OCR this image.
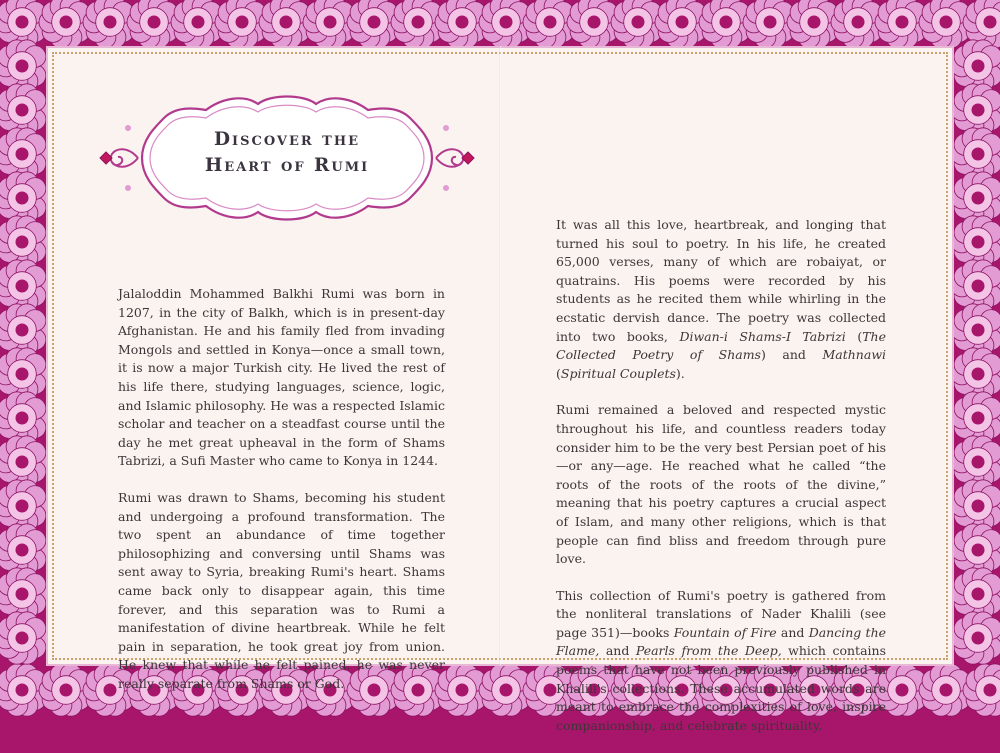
Discover the
Heart of Rumi

Jalaloddin Mohammed Balkhi Rumi was born in 1207, in the city of Balkh, which is in present-day Afghanistan. He and his family fled from invading Mongols and settled in Konya—once a small town, it is now a major Turkish city. He lived the rest of his life there, studying languages, science, logic, and Islamic philosophy. He was a respected Islamic scholar and teacher on a steadfast course until the day he met great upheaval in the form of Shams Tabrizi, a Sufi Master who came to Konya in 1244.

Rumi was drawn to Shams, becoming his student and undergoing a profound transformation. The two spent an abundance of time together philosophizing and conversing until Shams was sent away to Syria, breaking Rumi's heart. Shams came back only to disappear again, this time forever, and this separation was to Rumi a manifestation of divine heartbreak. While he felt pain in separation, he took great joy from union. He knew that while he felt pained, he was never really separate from Shams or God.

It was all this love, heartbreak, and longing that turned his soul to poetry. In his life, he created 65,000 verses, many of which are robaiyat, or quatrains. His poems were recorded by his students as he recited them while whirling in the ecstatic dervish dance. The poetry was collected into two books, Diwan-i Shams-I Tabrizi (The Collected Poetry of Shams) and Mathnawi (Spiritual Couplets).

Rumi remained a beloved and respected mystic throughout his life, and countless readers today consider him to be the very best Persian poet of his—or any—age. He reached what he called “the roots of the roots of the roots of the divine,” meaning that his poetry captures a crucial aspect of Islam, and many other religions, which is that people can find bliss and freedom through pure love.

This collection of Rumi's poetry is gathered from the nonliteral translations of Nader Khalili (see page 351)—books Fountain of Fire and Dancing the Flame, and Pearls from the Deep, which contains poems that have not been previously published in Khalili's collections. These accumulated words are meant to embrace the complexities of love, inspire companionship, and celebrate spirituality.
